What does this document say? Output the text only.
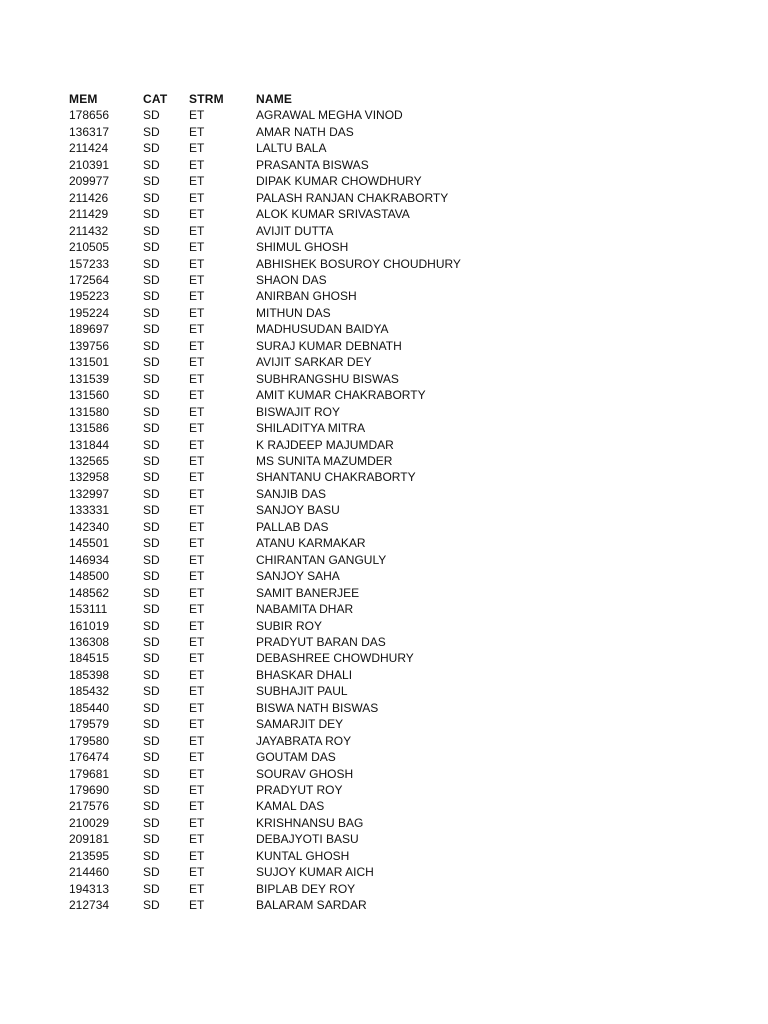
MEM	CAT	STRM	NAME
178656	SD	ET	AGRAWAL MEGHA VINOD
136317	SD	ET	AMAR NATH DAS
211424	SD	ET	LALTU BALA
210391	SD	ET	PRASANTA BISWAS
209977	SD	ET	DIPAK KUMAR CHOWDHURY
211426	SD	ET	PALASH RANJAN CHAKRABORTY
211429	SD	ET	ALOK KUMAR SRIVASTAVA
211432	SD	ET	AVIJIT DUTTA
210505	SD	ET	SHIMUL GHOSH
157233	SD	ET	ABHISHEK BOSUROY CHOUDHURY
172564	SD	ET	SHAON DAS
195223	SD	ET	ANIRBAN GHOSH
195224	SD	ET	MITHUN DAS
189697	SD	ET	MADHUSUDAN BAIDYA
139756	SD	ET	SURAJ KUMAR DEBNATH
131501	SD	ET	AVIJIT SARKAR DEY
131539	SD	ET	SUBHRANGSHU BISWAS
131560	SD	ET	AMIT KUMAR CHAKRABORTY
131580	SD	ET	BISWAJIT ROY
131586	SD	ET	SHILADITYA MITRA
131844	SD	ET	K RAJDEEP MAJUMDAR
132565	SD	ET	MS SUNITA MAZUMDER
132958	SD	ET	SHANTANU CHAKRABORTY
132997	SD	ET	SANJIB DAS
133331	SD	ET	SANJOY BASU
142340	SD	ET	PALLAB DAS
145501	SD	ET	ATANU KARMAKAR
146934	SD	ET	CHIRANTAN GANGULY
148500	SD	ET	SANJOY SAHA
148562	SD	ET	SAMIT BANERJEE
153111	SD	ET	NABAMITA DHAR
161019	SD	ET	SUBIR ROY
136308	SD	ET	PRADYUT BARAN DAS
184515	SD	ET	DEBASHREE CHOWDHURY
185398	SD	ET	BHASKAR DHALI
185432	SD	ET	SUBHAJIT PAUL
185440	SD	ET	BISWA NATH BISWAS
179579	SD	ET	SAMARJIT DEY
179580	SD	ET	JAYABRATA ROY
176474	SD	ET	GOUTAM DAS
179681	SD	ET	SOURAV GHOSH
179690	SD	ET	PRADYUT ROY
217576	SD	ET	KAMAL DAS
210029	SD	ET	KRISHNANSU BAG
209181	SD	ET	DEBAJYOTI BASU
213595	SD	ET	KUNTAL GHOSH
214460	SD	ET	SUJOY KUMAR AICH
194313	SD	ET	BIPLAB DEY ROY
212734	SD	ET	BALARAM SARDAR
